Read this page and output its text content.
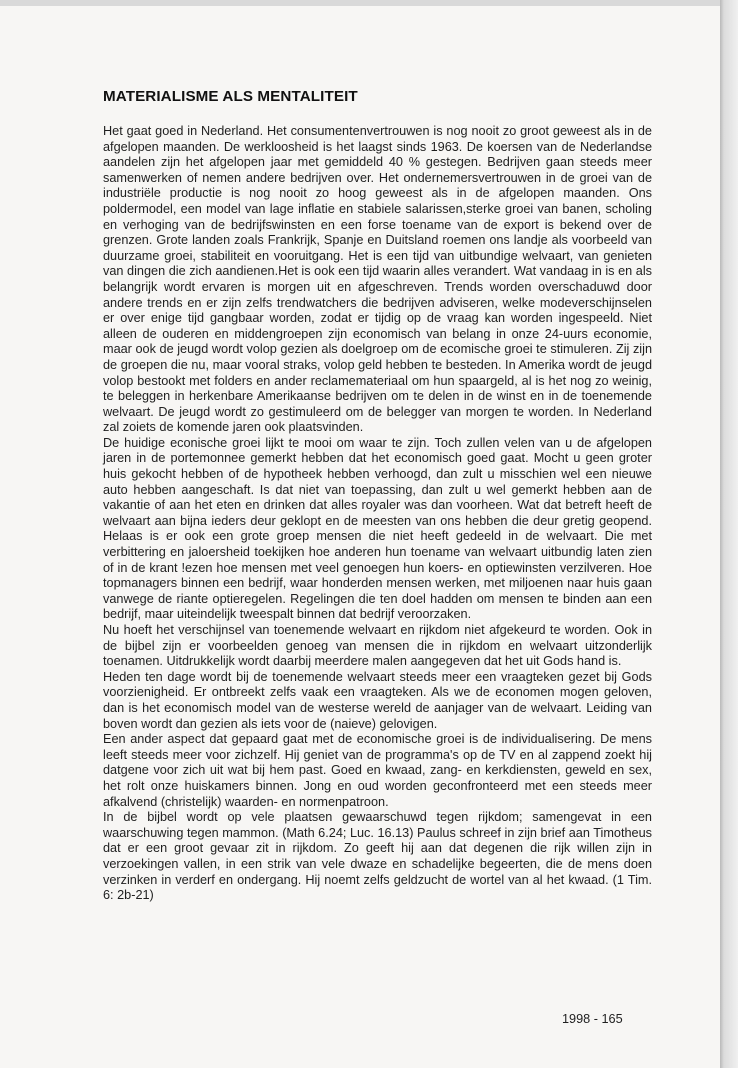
MATERIALISME ALS MENTALITEIT

Het gaat goed in Nederland. Het consumentenvertrouwen is nog nooit zo groot geweest als in de afgelopen maanden. De werkloosheid is het laagst sinds 1963. De koersen van de Nederlandse aandelen zijn het afgelopen jaar met gemiddeld 40 % gestegen. Bedrijven gaan steeds meer samenwerken of nemen andere bedrijven over. Het ondernemersvertrouwen in de groei van de industriële productie is nog nooit zo hoog geweest als in de afgelopen maanden. Ons poldermodel, een model van lage inflatie en stabiele salarissen,sterke groei van banen, scholing en verhoging van de bedrijfswinsten en een forse toename van de export is bekend over de grenzen. Grote landen zoals Frankrijk, Spanje en Duitsland roemen ons landje als voorbeeld van duurzame groei, stabiliteit en vooruitgang. Het is een tijd van uitbundige welvaart, van genieten van dingen die zich aandienen.Het is ook een tijd waarin alles verandert. Wat vandaag in is en als belangrijk wordt ervaren is morgen uit en afgeschreven. Trends worden overschaduwd door andere trends en er zijn zelfs trendwatchers die bedrijven adviseren, welke modeverschijnselen er over enige tijd gangbaar worden, zodat er tijdig op de vraag kan worden ingespeeld. Niet alleen de ouderen en middengroepen zijn economisch van belang in onze 24-uurs economie, maar ook de jeugd wordt volop gezien als doelgroep om de ecomische groei te stimuleren. Zij zijn de groepen die nu, maar vooral straks, volop geld hebben te besteden. In Amerika wordt de jeugd volop bestookt met folders en ander reclamemateriaal om hun spaargeld, al is het nog zo weinig, te beleggen in herkenbare Amerikaanse bedrijven om te delen in de winst en in de toenemende welvaart. De jeugd wordt zo gestimuleerd om de belegger van morgen te worden. In Nederland zal zoiets de komende jaren ook plaatsvinden.

De huidige econische groei lijkt te mooi om waar te zijn. Toch zullen velen van u de afgelopen jaren in de portemonnee gemerkt hebben dat het economisch goed gaat. Mocht u geen groter huis gekocht hebben of de hypotheek hebben verhoogd, dan zult u misschien wel een nieuwe auto hebben aangeschaft. Is dat niet van toepassing, dan zult u wel gemerkt hebben aan de vakantie of aan het eten en drinken dat alles royaler was dan voorheen. Wat dat betreft heeft de welvaart aan bijna ieders deur geklopt en de meesten van ons hebben die deur gretig geopend. Helaas is er ook een grote groep mensen die niet heeft gedeeld in de welvaart. Die met verbittering en jaloersheid toekijken hoe anderen hun toename van welvaart uitbundig laten zien of in de krant !ezen hoe mensen met veel genoegen hun koers- en optiewinsten verzilveren. Hoe topmanagers binnen een bedrijf, waar honderden mensen werken, met miljoenen naar huis gaan vanwege de riante optieregelen. Regelingen die ten doel hadden om mensen te binden aan een bedrijf, maar uiteindelijk tweespalt binnen dat bedrijf veroorzaken.

Nu hoeft het verschijnsel van toenemende welvaart en rijkdom niet afgekeurd te worden. Ook in de bijbel zijn er voorbeelden genoeg van mensen die in rijkdom en welvaart uitzonderlijk toenamen. Uitdrukkelijk wordt daarbij meerdere malen aangegeven dat het uit Gods hand is.

Heden ten dage wordt bij de toenemende welvaart steeds meer een vraagteken gezet bij Gods voorzienigheid. Er ontbreekt zelfs vaak een vraagteken. Als we de economen mogen geloven, dan is het economisch model van de westerse wereld de aanjager van de welvaart. Leiding van boven wordt dan gezien als iets voor de (naieve) gelovigen.

Een ander aspect dat gepaard gaat met de economische groei is de individualisering. De mens leeft steeds meer voor zichzelf. Hij geniet van de programma's op de TV en al zappend zoekt hij datgene voor zich uit wat bij hem past. Goed en kwaad, zang- en kerkdiensten, geweld en sex, het rolt onze huiskamers binnen. Jong en oud worden geconfronteerd met een steeds meer afkalvend (christelijk) waarden- en normenpatroon.

In de bijbel wordt op vele plaatsen gewaarschuwd tegen rijkdom; samengevat in een waarschuwing tegen mammon. (Math 6.24; Luc. 16.13) Paulus schreef in zijn brief aan Timotheus dat er een groot gevaar zit in rijkdom. Zo geeft hij aan dat degenen die rijk willen zijn in verzoekingen vallen, in een strik van vele dwaze en schadelijke begeerten, die de mens doen verzinken in verderf en ondergang. Hij noemt zelfs geldzucht de wortel van al het kwaad. (1 Tim. 6: 2b-21)

1998 - 165
